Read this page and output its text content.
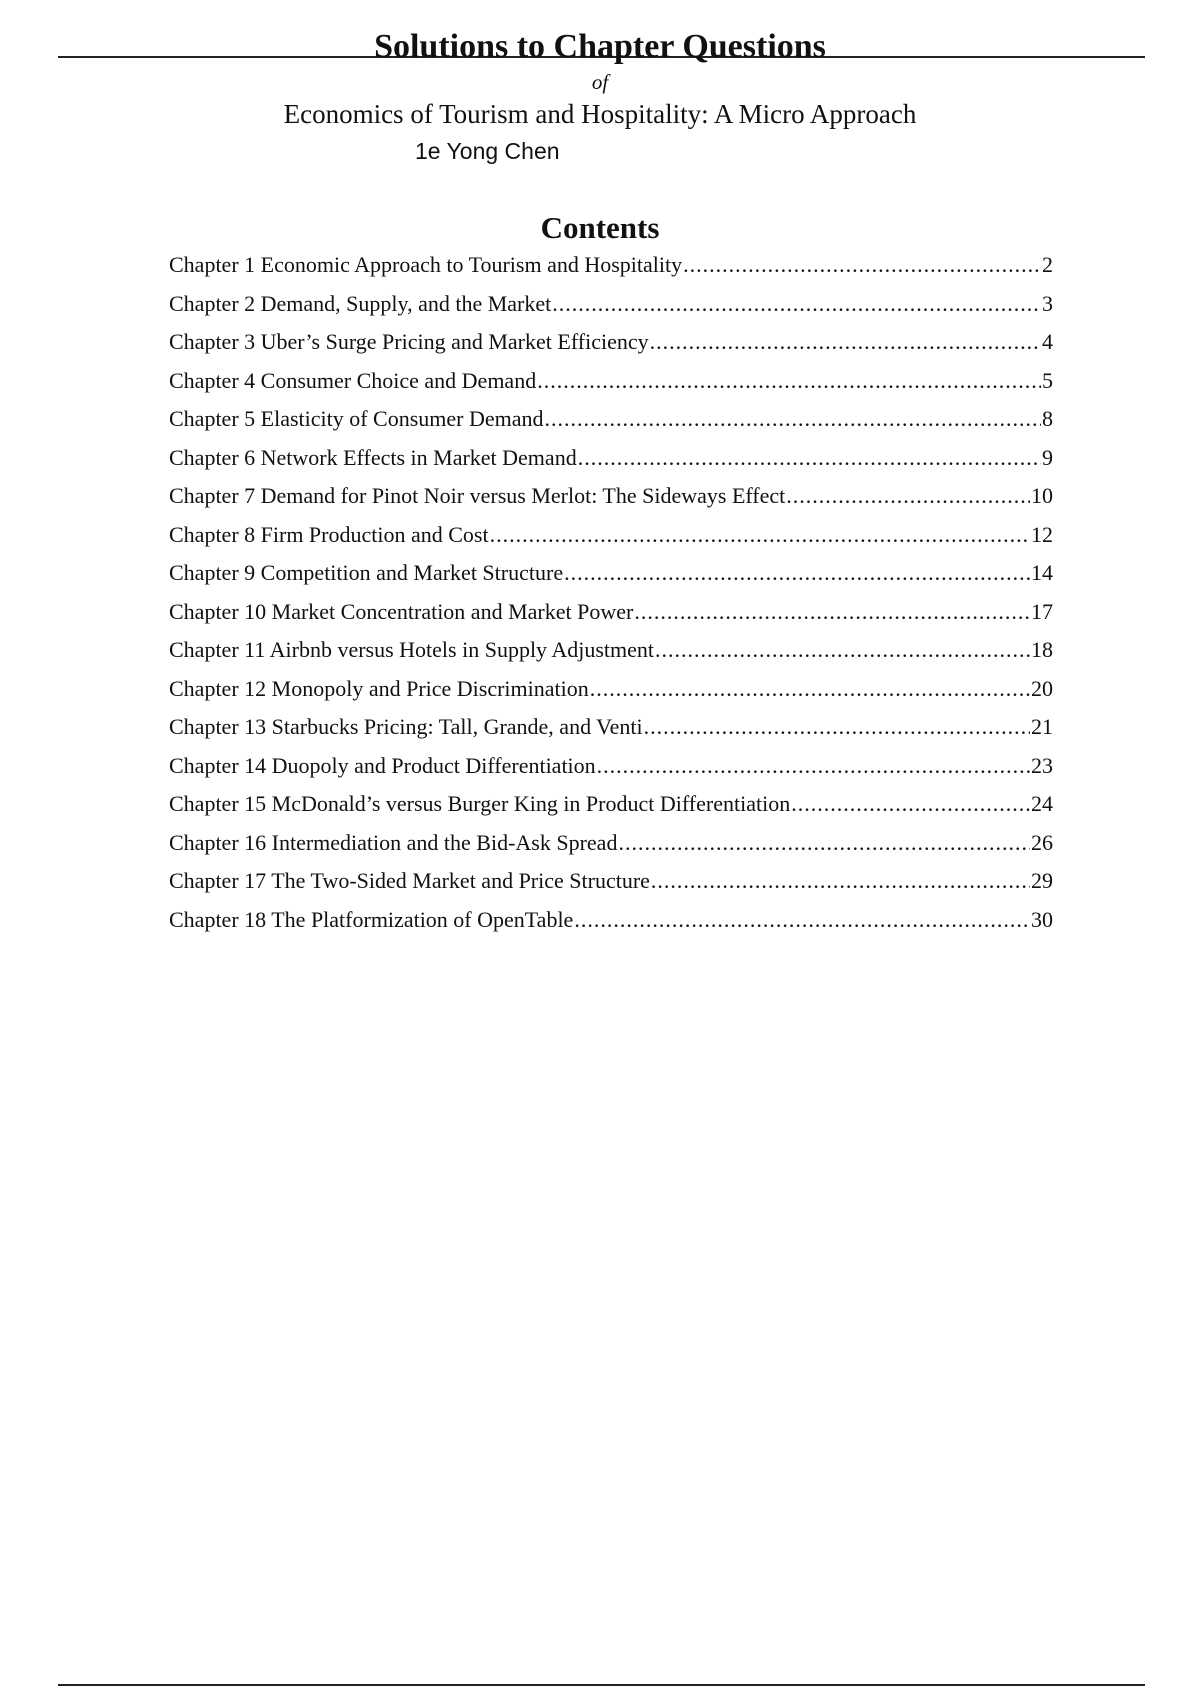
Solutions to Chapter Questions
of
Economics of Tourism and Hospitality: A Micro Approach
1e Yong Chen
Contents
Chapter 1 Economic Approach to Tourism and Hospitality .....	2
Chapter 2 Demand, Supply, and the Market .....	3
Chapter 3 Uber’s Surge Pricing and Market Efficiency .....	4
Chapter 4 Consumer Choice and Demand .....	5
Chapter 5 Elasticity of Consumer Demand .....	8
Chapter 6 Network Effects in Market Demand .....	9
Chapter 7 Demand for Pinot Noir versus Merlot: The Sideways Effect .....	10
Chapter 8 Firm Production and Cost .....	12
Chapter 9 Competition and Market Structure .....	14
Chapter 10 Market Concentration and Market Power .....	17
Chapter 11 Airbnb versus Hotels in Supply Adjustment .....	18
Chapter 12 Monopoly and Price Discrimination .....	20
Chapter 13 Starbucks Pricing: Tall, Grande, and Venti .....	21
Chapter 14 Duopoly and Product Differentiation .....	23
Chapter 15 McDonald’s versus Burger King in Product Differentiation .....	24
Chapter 16 Intermediation and the Bid-Ask Spread .....	26
Chapter 17 The Two-Sided Market and Price Structure .....	29
Chapter 18 The Platformization of OpenTable .....	30
